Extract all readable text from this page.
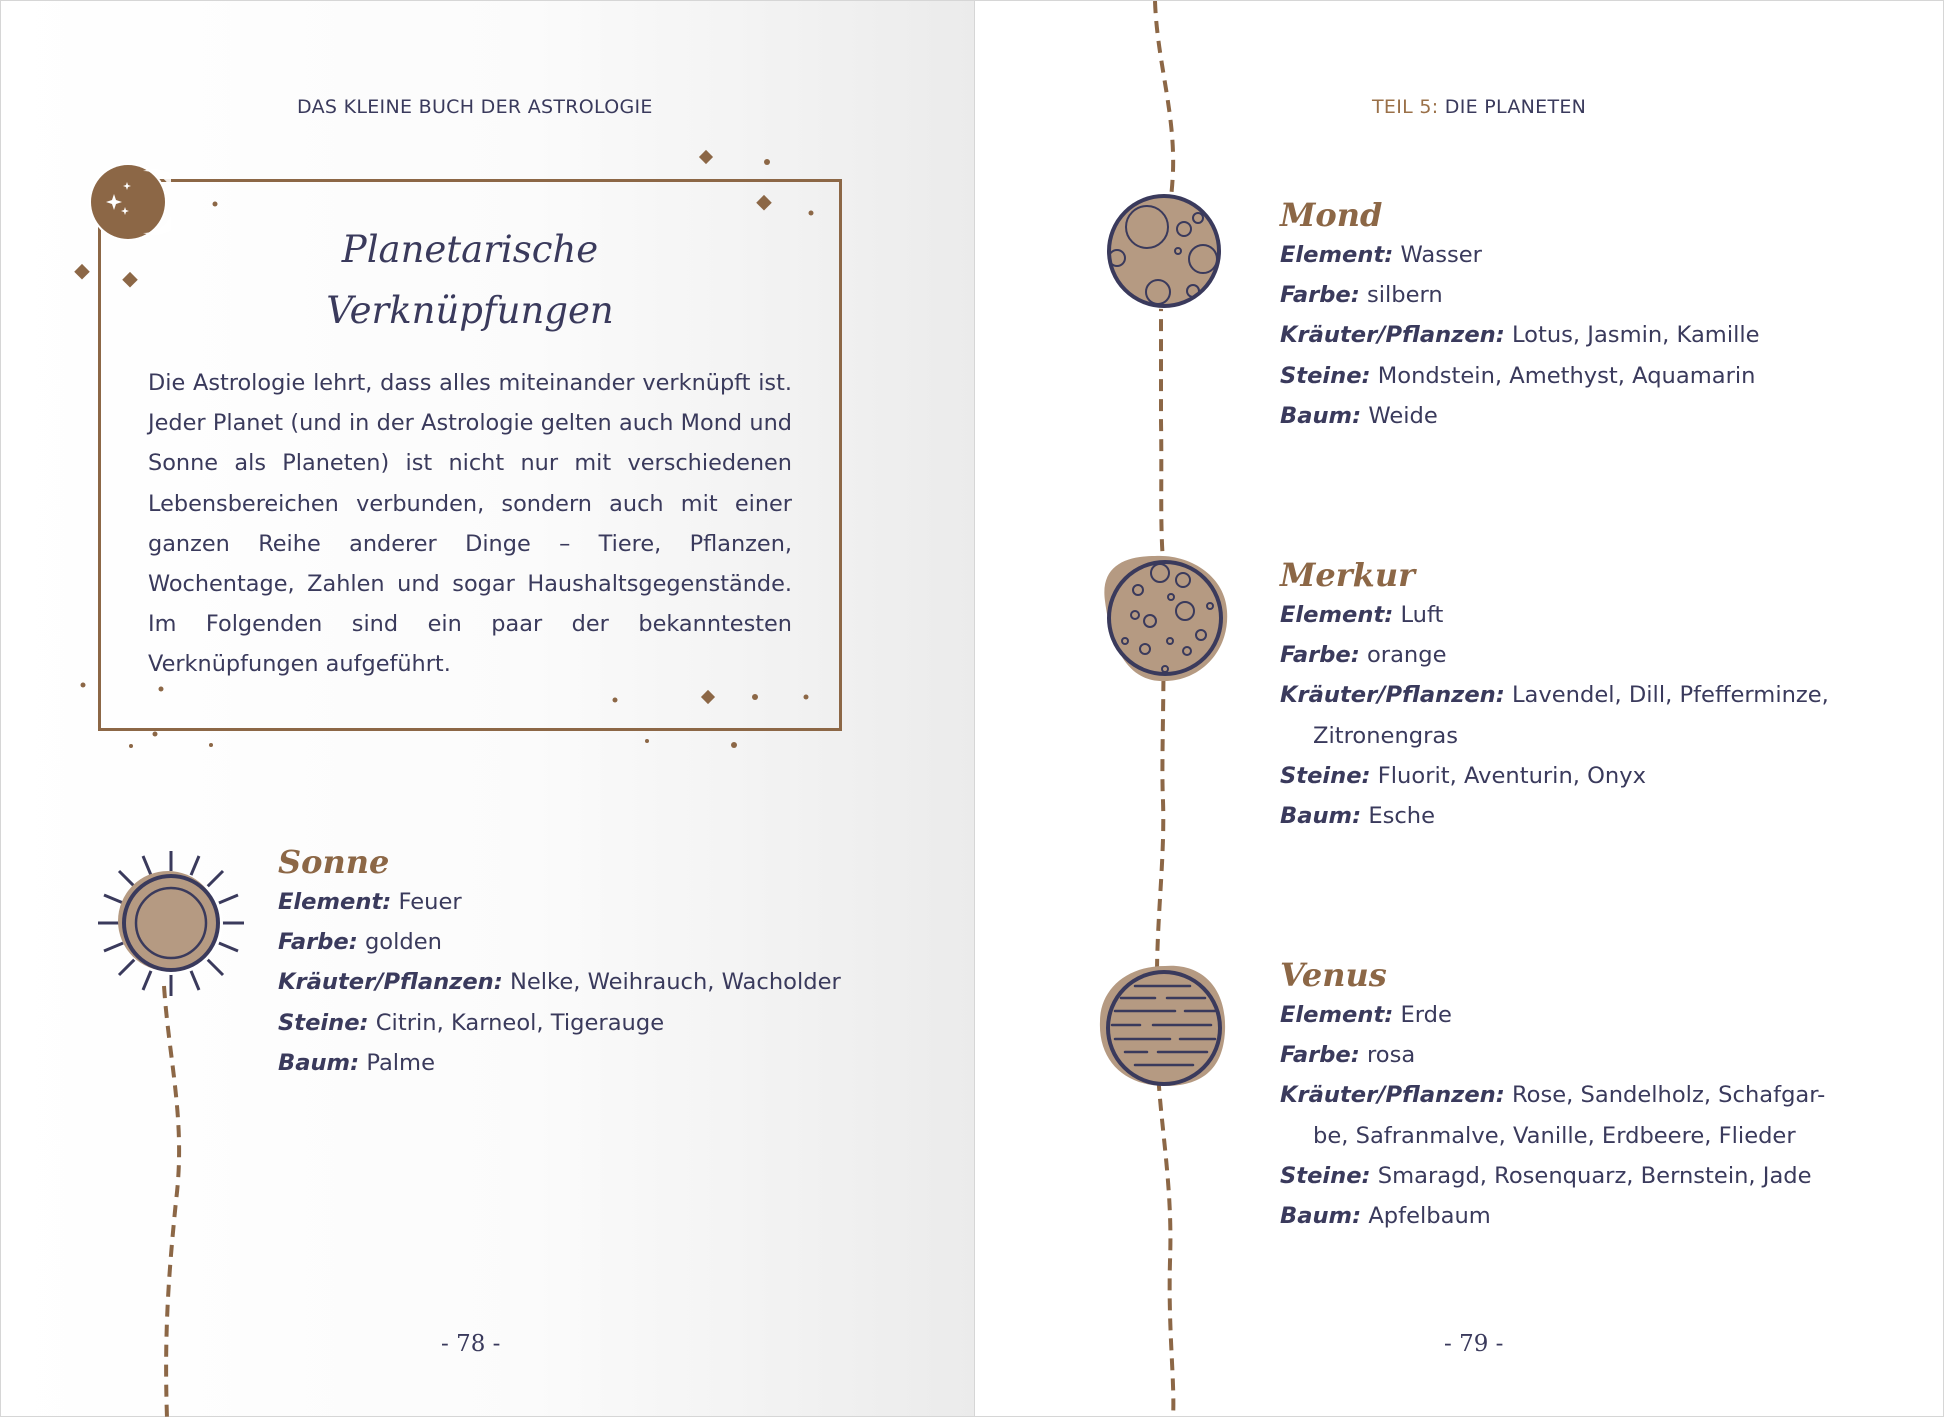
DAS KLEINE BUCH DER ASTROLOGIE
Planetarische
Verknüpfungen
Die Astrologie lehrt, dass alles miteinander verknüpft ist. Jeder Planet (und in der Astrologie gelten auch Mond und Sonne als Planeten) ist nicht nur mit verschiedenen Lebensbereichen verbunden, sondern auch mit einer ganzen Reihe anderer Dinge – Tiere, Pflanzen, Wochentage, Zahlen und sogar Haushaltsgegenstände. Im Folgenden sind ein paar der bekanntesten Verknüpfungen aufgeführt.
Sonne
Element: Feuer
Farbe: golden
Kräuter/Pflanzen: Nelke, Weihrauch, Wacholder
Steine: Citrin, Karneol, Tigerauge
Baum: Palme
- 78 -
TEIL 5: DIE PLANETEN
Mond
Element: Wasser
Farbe: silbern
Kräuter/Pflanzen: Lotus, Jasmin, Kamille
Steine: Mondstein, Amethyst, Aquamarin
Baum: Weide
Merkur
Element: Luft
Farbe: orange
Kräuter/Pflanzen: Lavendel, Dill, Pfefferminze,
Zitronengras
Steine: Fluorit, Aventurin, Onyx
Baum: Esche
Venus
Element: Erde
Farbe: rosa
Kräuter/Pflanzen: Rose, Sandelholz, Schafgar-
be, Safranmalve, Vanille, Erdbeere, Flieder
Steine: Smaragd, Rosenquarz, Bernstein, Jade
Baum: Apfelbaum
- 79 -
